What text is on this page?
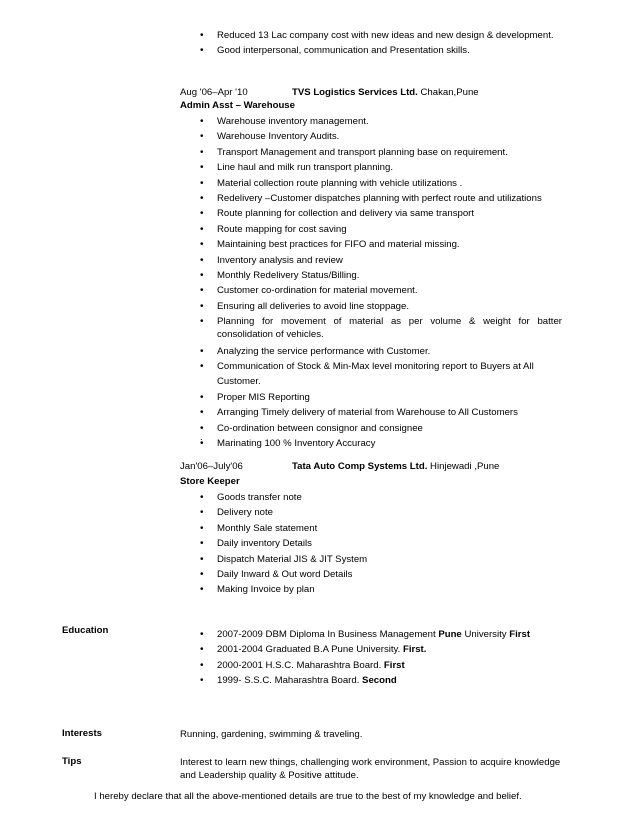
• Reduced 13 Lac company cost with new ideas and new design & development.
• Good interpersonal, communication and Presentation skills.
Aug '06–Apr '10	TVS Logistics Services Ltd. Chakan,Pune
Admin Asst – Warehouse
• Warehouse inventory management.
• Warehouse Inventory Audits.
• Transport Management and transport planning base on requirement.
• Line haul and milk run transport planning.
• Material collection route planning with vehicle utilizations .
• Redelivery –Customer dispatches planning with perfect route and utilizations
• Route planning for collection and delivery via same transport
• Route mapping for cost saving
• Maintaining best practices for FIFO and material missing.
• Inventory analysis and review
• Monthly Redelivery Status/Billing.
• Customer co-ordination for material movement.
• Ensuring all deliveries to avoid line stoppage.
• Planning for movement of material as per volume & weight for batter consolidation of vehicles.
• Analyzing the service performance with Customer.
• Communication of Stock & Min-Max level monitoring report to Buyers at All Customer.
• Proper MIS Reporting
• Arranging Timely delivery of material from Warehouse to All Customers
• Co-ordination between consignor and consignee
• Marinating 100 % Inventory Accuracy
.
Jan'06–July'06	Tata Auto Comp Systems Ltd. Hinjewadi ,Pune
Store Keeper
• Goods transfer note
• Delivery note
• Monthly Sale statement
• Daily inventory Details
• Dispatch Material JIS & JIT System
• Daily Inward & Out word Details
• Making Invoice by plan
Education
•	2007-2009 DBM Diploma In Business Management Pune University First
• 2001-2004 Graduated B.A Pune University. First.
• 2000-2001 H.S.C. Maharashtra Board. First
• 1999- S.S.C. Maharashtra Board. Second
Interests	Running, gardening, swimming & traveling.
Tips	Interest to learn new things, challenging work environment, Passion to acquire knowledge and Leadership quality & Positive attitude.
I hereby declare that all the above-mentioned details are true to the best of my knowledge and belief.
